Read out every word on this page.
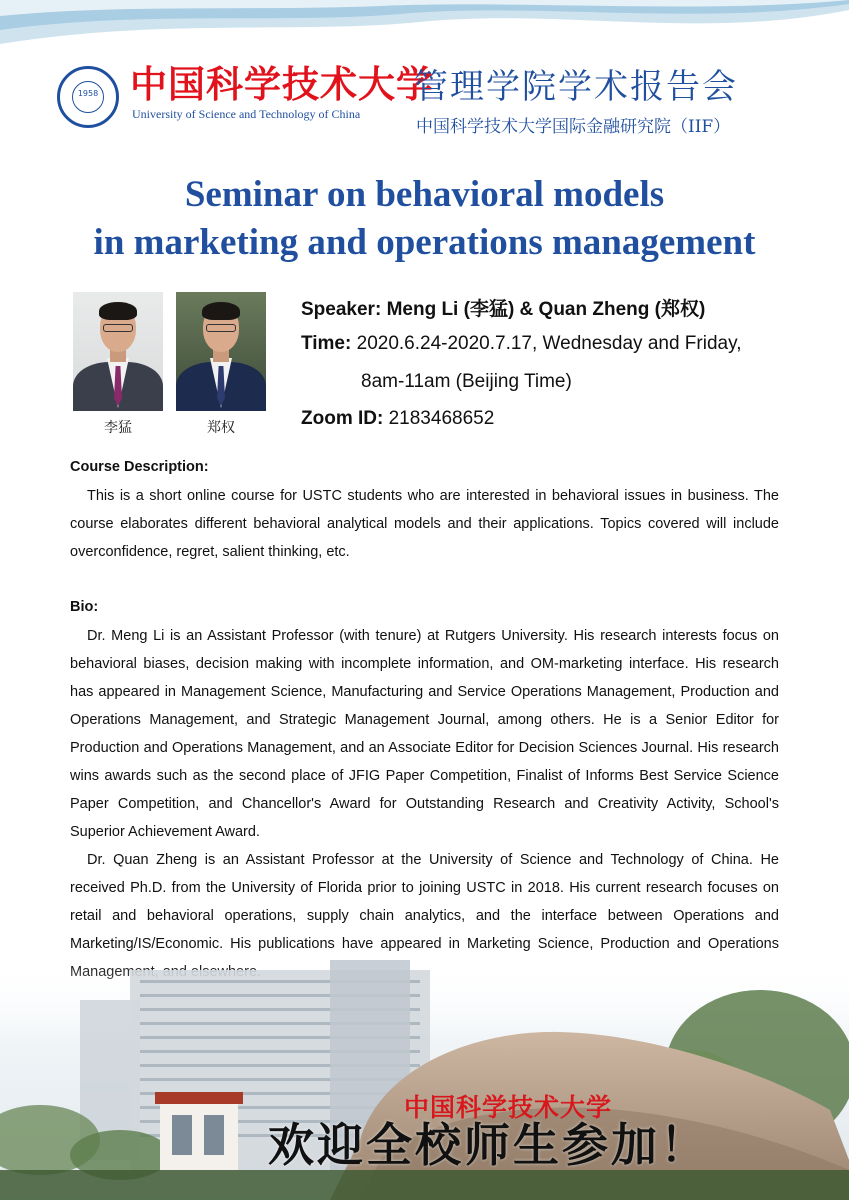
1958 中国科学技术大学
University of Science and Technology of China
管理学院学术报告会
中国科学技术大学国际金融研究院（IIF）
Seminar on behavioral models
in marketing and operations management
李猛	郑权
Speaker: Meng Li (李猛) & Quan Zheng (郑权)
Time: 2020.6.24-2020.7.17, Wednesday and Friday,
8am-11am (Beijing Time)
Zoom ID: 2183468652
Course Description:

This is a short online course for USTC students who are interested in behavioral issues in business. The course elaborates different behavioral analytical models and their applications. Topics covered will include overconfidence, regret, salient thinking, etc.

Bio:

Dr. Meng Li is an Assistant Professor (with tenure) at Rutgers University. His research interests focus on behavioral biases, decision making with incomplete information, and OM-marketing interface. His research has appeared in Management Science, Manufacturing and Service Operations Management, Production and Operations Management, and Strategic Management Journal, among others. He is a Senior Editor for Production and Operations Management, and an Associate Editor for Decision Sciences Journal. His research wins awards such as the second place of JFIG Paper Competition, Finalist of Informs Best Service Science Paper Competition, and Chancellor's Award for Outstanding Research and Creativity Activity, School's Superior Achievement Award.

Dr. Quan Zheng is an Assistant Professor at the University of Science and Technology of China. He received Ph.D. from the University of Florida prior to joining USTC in 2018. His current research focuses on retail and behavioral operations, supply chain analytics, and the interface between Operations and Marketing/IS/Economic. His publications have appeared in Marketing Science, Production and Operations

中国科学技术大学
欢迎全校师生参加！
